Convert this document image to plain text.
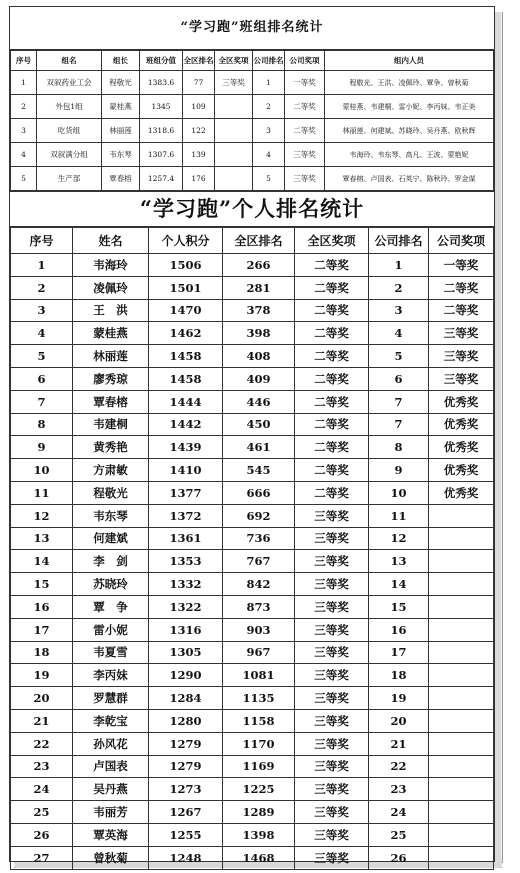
“学习跑”班组排名统计
序号	组名	组长	班组分值	全区排名	全区奖项	公司排名	公司奖项	组内人员
1	双叙药业工会	程敬光	1383.6	77	三等奖	1	一等奖	程敬光、王洪、凌佩玲、覃争、曾秋菊
2	外包1组	蒙桂燕	1345	109		2	二等奖	蒙桂燕、韦建桐、雷小妮、李丙妹、韦正美
3	吃货组	林丽莲	1318.6	122		3	二等奖	林丽莲、何建斌、苏晓玲、吴丹燕、欧秋辉
4	双叙满分组	韦东琴	1307.6	139		4	三等奖	韦海玲、韦东琴、高凡、王波、蒙艳妮
5	生产部	覃春榕	1257.4	176		5	三等奖	覃春榕、卢国表、石英宁、陈秋玲、罗金谋
“学习跑”个人排名统计
序号	姓名	个人积分	全区排名	全区奖项	公司排名	公司奖项
1	韦海玲	1506	266	二等奖	1	一等奖
2	凌佩玲	1501	281	二等奖	2	二等奖
3	王　洪	1470	378	二等奖	3	二等奖
4	蒙桂燕	1462	398	二等奖	4	三等奖
5	林丽莲	1458	408	二等奖	5	三等奖
6	廖秀琼	1458	409	二等奖	6	三等奖
7	覃春榕	1444	446	二等奖	7	优秀奖
8	韦建桐	1442	450	二等奖	7	优秀奖
9	黄秀艳	1439	461	二等奖	8	优秀奖
10	方肃敏	1410	545	二等奖	9	优秀奖
11	程敬光	1377	666	二等奖	10	优秀奖
12	韦东琴	1372	692	三等奖	11	
13	何建斌	1361	736	三等奖	12	
14	李　剑	1353	767	三等奖	13	
15	苏晓玲	1332	842	三等奖	14	
16	覃　争	1322	873	三等奖	15	
17	雷小妮	1316	903	三等奖	16	
18	韦夏雪	1305	967	三等奖	17	
19	李丙妹	1290	1081	三等奖	18	
20	罗慧群	1284	1135	三等奖	19	
21	李乾宝	1280	1158	三等奖	20	
22	孙风花	1279	1170	三等奖	21	
23	卢国表	1279	1169	三等奖	22	
24	吴丹燕	1273	1225	三等奖	23	
25	韦丽芳	1267	1289	三等奖	24	
26	覃英海	1255	1398	三等奖	25	
27	曾秋菊	1248	1468	三等奖	26	
